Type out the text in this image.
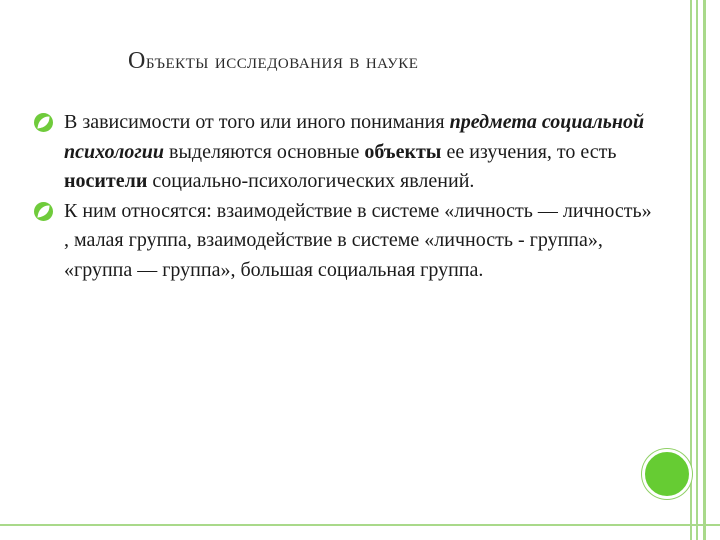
Объекты исследования в науке
В зависимости от того или иного понимания предмета социальной психологии выделяются основные объекты ее изучения, то есть носители социально-психологических явлений.
К ним относятся: взаимодействие в системе «личность — личность» , малая группа, взаимодействие в системе «личность - группа», «группа — группа», большая социальная группа.
